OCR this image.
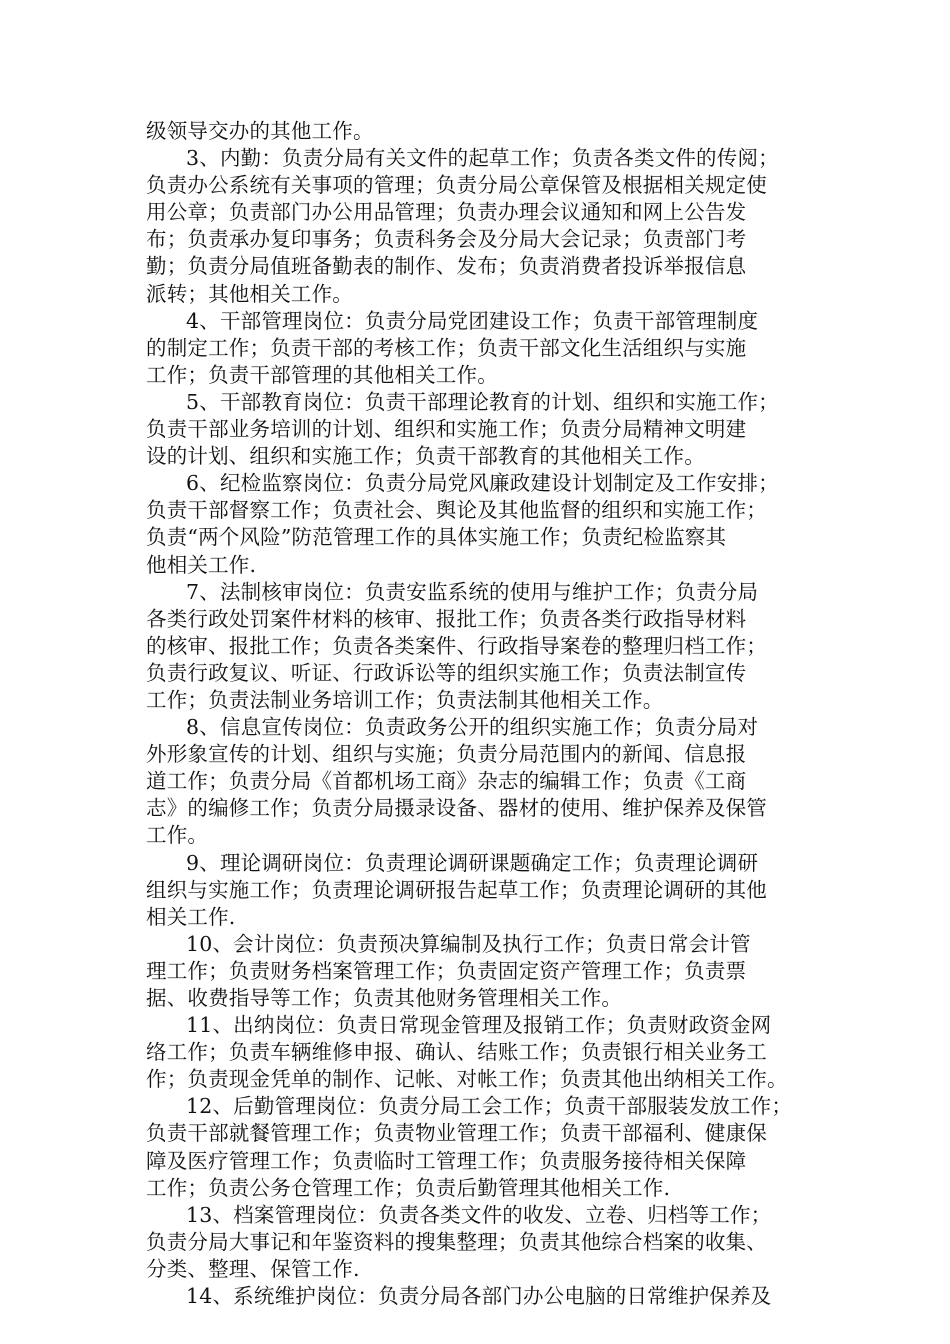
级领导交办的其他工作。
3、内勤：负责分局有关文件的起草工作；负责各类文件的传阅；
负责办公系统有关事项的管理；负责分局公章保管及根据相关规定使
用公章；负责部门办公用品管理；负责办理会议通知和网上公告发
布；负责承办复印事务；负责科务会及分局大会记录；负责部门考
勤；负责分局值班备勤表的制作、发布；负责消费者投诉举报信息
派转；其他相关工作。
4、干部管理岗位：负责分局党团建设工作；负责干部管理制度
的制定工作；负责干部的考核工作；负责干部文化生活组织与实施
工作；负责干部管理的其他相关工作。
5、干部教育岗位：负责干部理论教育的计划、组织和实施工作；
负责干部业务培训的计划、组织和实施工作；负责分局精神文明建
设的计划、组织和实施工作；负责干部教育的其他相关工作。
6、纪检监察岗位：负责分局党风廉政建设计划制定及工作安排；
负责干部督察工作；负责社会、舆论及其他监督的组织和实施工作；
负责“两个风险”防范管理工作的具体实施工作；负责纪检监察其
他相关工作.
7、法制核审岗位：负责安监系统的使用与维护工作；负责分局
各类行政处罚案件材料的核审、报批工作；负责各类行政指导材料
的核审、报批工作；负责各类案件、行政指导案卷的整理归档工作；
负责行政复议、听证、行政诉讼等的组织实施工作；负责法制宣传
工作；负责法制业务培训工作；负责法制其他相关工作。
8、信息宣传岗位：负责政务公开的组织实施工作；负责分局对
外形象宣传的计划、组织与实施；负责分局范围内的新闻、信息报
道工作；负责分局《首都机场工商》杂志的编辑工作；负责《工商
志》的编修工作；负责分局摄录设备、器材的使用、维护保养及保管
工作。
9、理论调研岗位：负责理论调研课题确定工作；负责理论调研
组织与实施工作；负责理论调研报告起草工作；负责理论调研的其他
相关工作.
10、会计岗位：负责预决算编制及执行工作；负责日常会计管
理工作；负责财务档案管理工作；负责固定资产管理工作；负责票
据、收费指导等工作；负责其他财务管理相关工作。
11、出纳岗位：负责日常现金管理及报销工作；负责财政资金网
络工作；负责车辆维修申报、确认、结账工作；负责银行相关业务工
作；负责现金凭单的制作、记帐、对帐工作；负责其他出纳相关工作。
12、后勤管理岗位：负责分局工会工作；负责干部服装发放工作；
负责干部就餐管理工作；负责物业管理工作；负责干部福利、健康保
障及医疗管理工作；负责临时工管理工作；负责服务接待相关保障
工作；负责公务仓管理工作；负责后勤管理其他相关工作.
13、档案管理岗位：负责各类文件的收发、立卷、归档等工作；
负责分局大事记和年鉴资料的搜集整理；负责其他综合档案的收集、
分类、整理、保管工作.
14、系统维护岗位：负责分局各部门办公电脑的日常维护保养及
